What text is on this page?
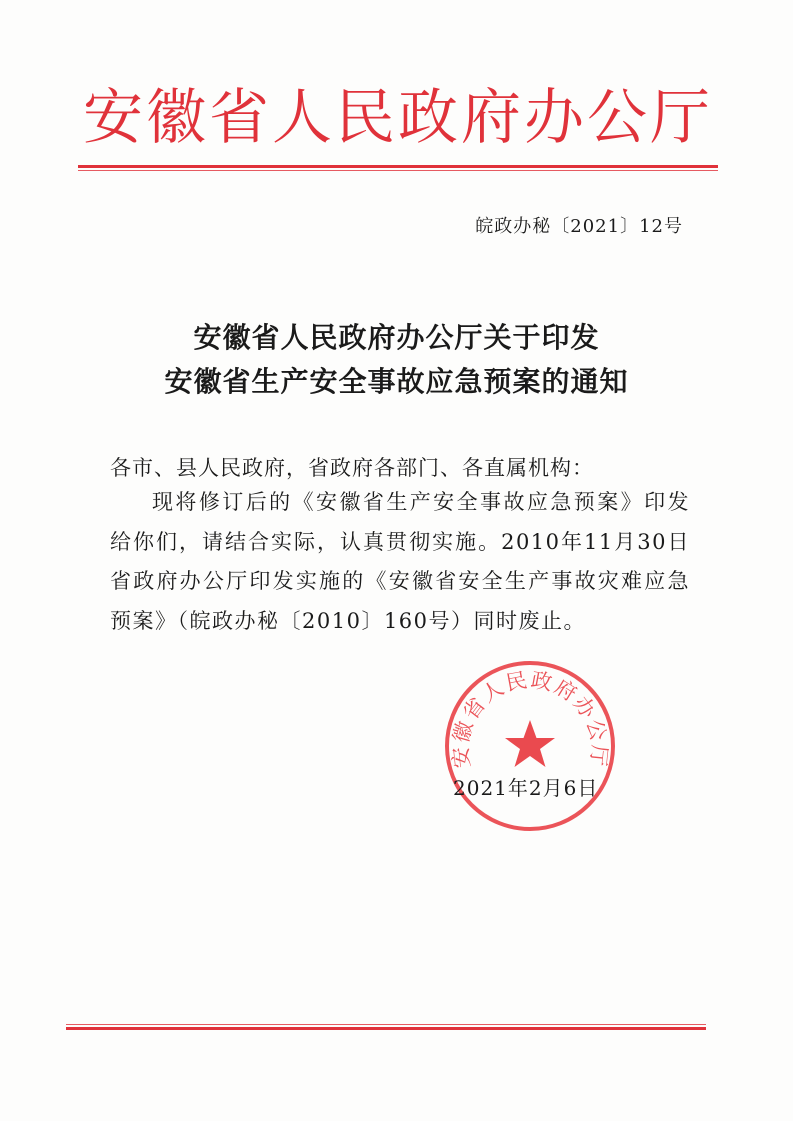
安徽省人民政府办公厅
皖政办秘〔2021〕12号
安徽省人民政府办公厅关于印发
安徽省生产安全事故应急预案的通知
各市、县人民政府，省政府各部门、各直属机构：
现将修订后的《安徽省生产安全事故应急预案》印发给你们，请结合实际，认真贯彻实施。2010年11月30日省政府办公厅印发实施的《安徽省安全生产事故灾难应急预案》（皖政办秘〔2010〕160号）同时废止。
安徽省人民政府办公厅
2021年2月6日
